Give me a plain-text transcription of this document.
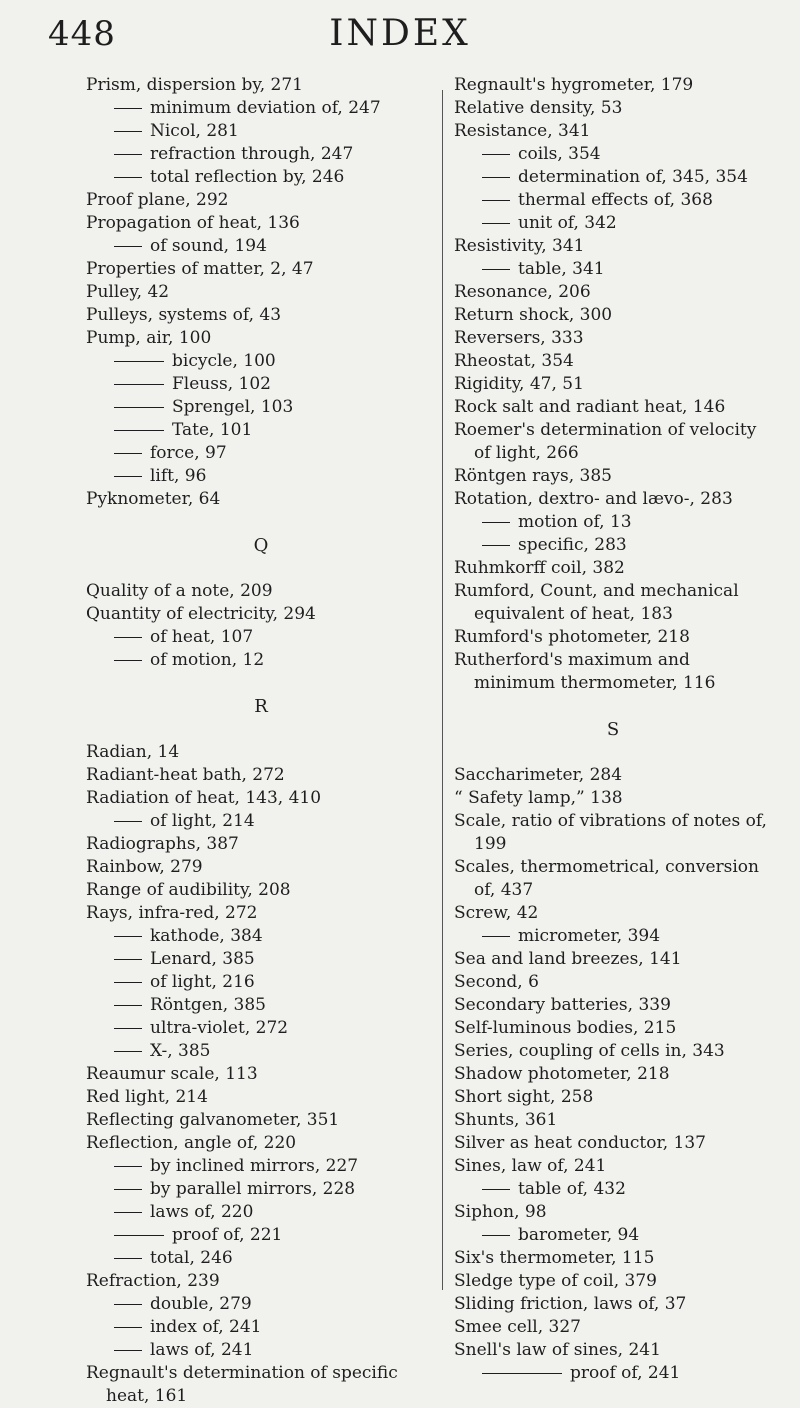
448	INDEX
Prism, dispersion by, 271
minimum deviation of, 247
Nicol, 281
refraction through, 247
total reflection by, 246
Proof plane, 292
Propagation of heat, 136
of sound, 194
Properties of matter, 2, 47
Pulley, 42
Pulleys, systems of, 43
Pump, air, 100
bicycle, 100
Fleuss, 102
Sprengel, 103
Tate, 101
force, 97
lift, 96
Pyknometer, 64
Q
Quality of a note, 209
Quantity of electricity, 294
of heat, 107
of motion, 12
R
Radian, 14
Radiant-heat bath, 272
Radiation of heat, 143, 410
of light, 214
Radiographs, 387
Rainbow, 279
Range of audibility, 208
Rays, infra-red, 272
kathode, 384
Lenard, 385
of light, 216
Röntgen, 385
ultra-violet, 272
X-, 385
Reaumur scale, 113
Red light, 214
Reflecting galvanometer, 351
Reflection, angle of, 220
by inclined mirrors, 227
by parallel mirrors, 228
laws of, 220
proof of, 221
total, 246
Refraction, 239
double, 279
index of, 241
laws of, 241
Regnault's determination of specific heat, 161
Regnault's hygrometer, 179
Relative density, 53
Resistance, 341
coils, 354
determination of, 345, 354
thermal effects of, 368
unit of, 342
Resistivity, 341
table, 341
Resonance, 206
Return shock, 300
Reversers, 333
Rheostat, 354
Rigidity, 47, 51
Rock salt and radiant heat, 146
Roemer's determination of velocity of light, 266
Röntgen rays, 385
Rotation, dextro- and lævo-, 283
motion of, 13
specific, 283
Ruhmkorff coil, 382
Rumford, Count, and mechanical equivalent of heat, 183
Rumford's photometer, 218
Rutherford's maximum and minimum thermometer, 116
S
Saccharimeter, 284
“ Safety lamp,” 138
Scale, ratio of vibrations of notes of, 199
Scales, thermometrical, conversion of, 437
Screw, 42
micrometer, 394
Sea and land breezes, 141
Second, 6
Secondary batteries, 339
Self-luminous bodies, 215
Series, coupling of cells in, 343
Shadow photometer, 218
Short sight, 258
Shunts, 361
Silver as heat conductor, 137
Sines, law of, 241
table of, 432
Siphon, 98
barometer, 94
Six's thermometer, 115
Sledge type of coil, 379
Sliding friction, laws of, 37
Smee cell, 327
Snell's law of sines, 241
proof of, 241
